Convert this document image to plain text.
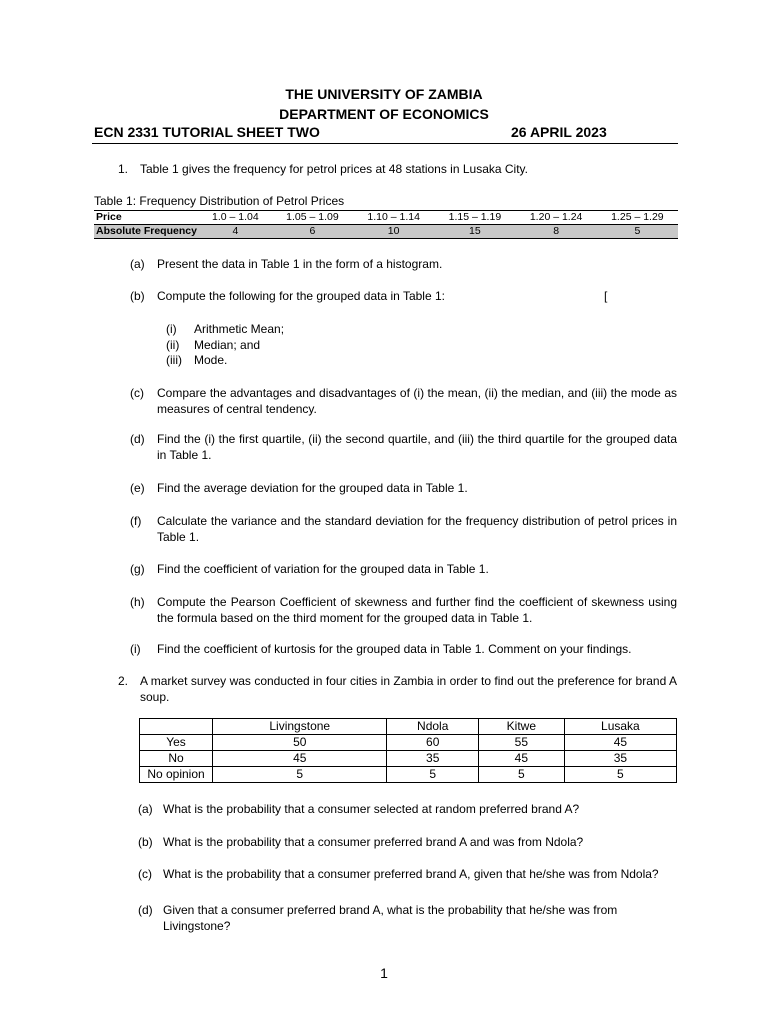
THE UNIVERSITY OF ZAMBIA
DEPARTMENT OF ECONOMICS
ECN 2331 TUTORIAL SHEET TWO	26 APRIL 2023
1. Table 1 gives the frequency for petrol prices at 48 stations in Lusaka City.
Table 1: Frequency Distribution of Petrol Prices
Price	1.0 – 1.04	1.05 – 1.09	1.10 – 1.14	1.15 – 1.19	1.20 – 1.24	1.25 – 1.29
Absolute Frequency	4	6	10	15	8	5
(a) Present the data in Table 1 in the form of a histogram.
(b) Compute the following for the grouped data in Table 1:	[
(i) Arithmetic Mean;
(ii) Median; and
(iii) Mode.
(c) Compare the advantages and disadvantages of (i) the mean, (ii) the median, and (iii) the mode as measures of central tendency.
(d) Find the (i) the first quartile, (ii) the second quartile, and (iii) the third quartile for the grouped data in Table 1.
(e) Find the average deviation for the grouped data in Table 1.
(f) Calculate the variance and the standard deviation for the frequency distribution of petrol prices in Table 1.
(g) Find the coefficient of variation for the grouped data in Table 1.
(h) Compute the Pearson Coefficient of skewness and further find the coefficient of skewness using the formula based on the third moment for the grouped data in Table 1.
(i) Find the coefficient of kurtosis for the grouped data in Table 1. Comment on your findings.
2. A market survey was conducted in four cities in Zambia in order to find out the preference for brand A soup.
	Livingstone	Ndola	Kitwe	Lusaka
Yes	50	60	55	45
No	45	35	45	35
No opinion	5	5	5	5
(a) What is the probability that a consumer selected at random preferred brand A?
(b) What is the probability that a consumer preferred brand A and was from Ndola?
(c) What is the probability that a consumer preferred brand A, given that he/she was from Ndola?
(d) Given that a consumer preferred brand A, what is the probability that he/she was from Livingstone?
1
